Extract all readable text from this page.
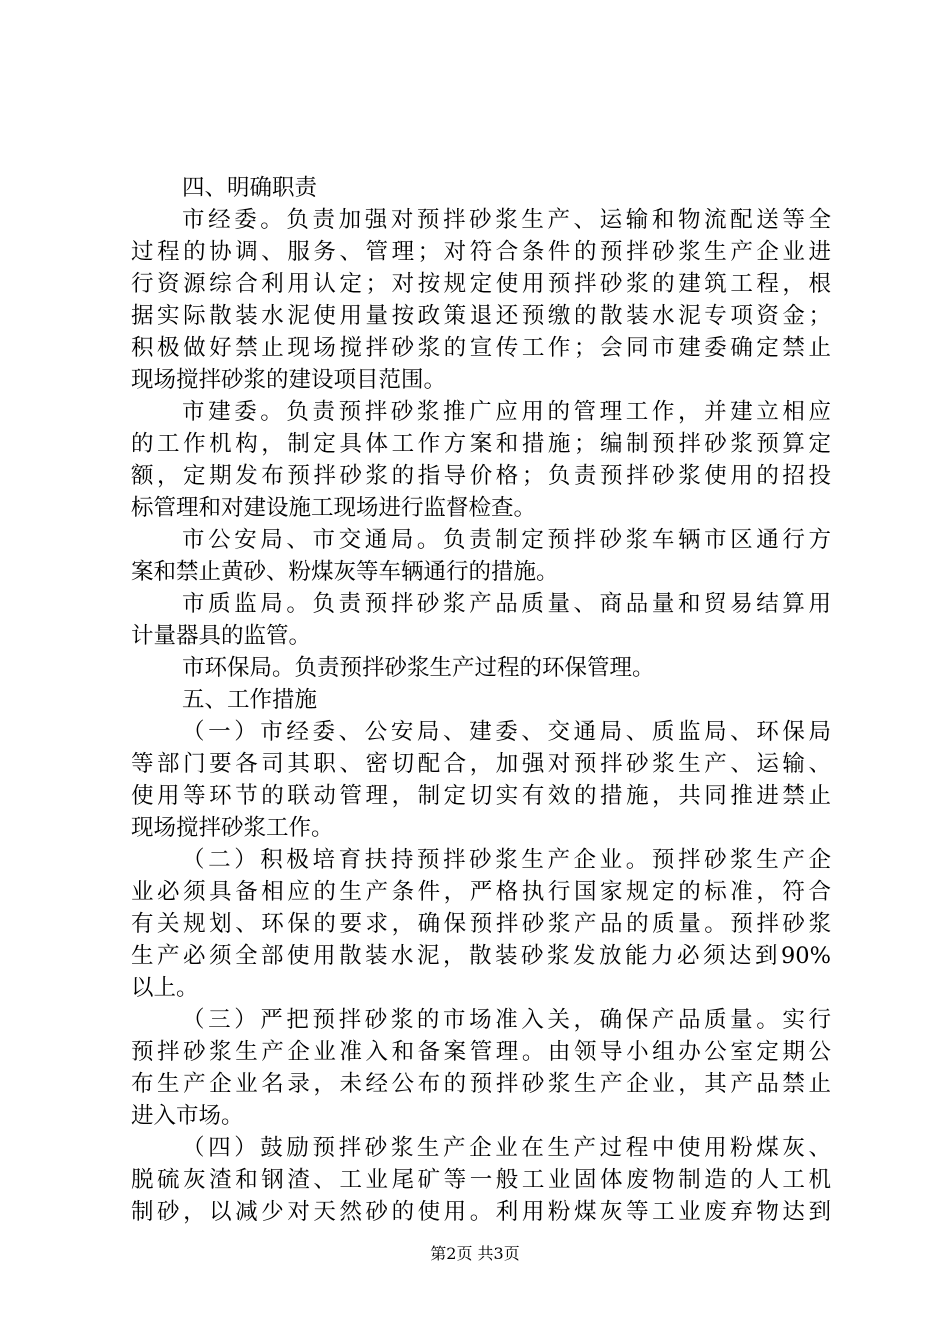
四、明确职责
市经委。负责加强对预拌砂浆生产、运输和物流配送等全
过程的协调、服务、管理；对符合条件的预拌砂浆生产企业进
行资源综合利用认定；对按规定使用预拌砂浆的建筑工程，根
据实际散装水泥使用量按政策退还预缴的散装水泥专项资金；
积极做好禁止现场搅拌砂浆的宣传工作；会同市建委确定禁止
现场搅拌砂浆的建设项目范围。
市建委。负责预拌砂浆推广应用的管理工作，并建立相应
的工作机构，制定具体工作方案和措施；编制预拌砂浆预算定
额，定期发布预拌砂浆的指导价格；负责预拌砂浆使用的招投
标管理和对建设施工现场进行监督检查。
市公安局、市交通局。负责制定预拌砂浆车辆市区通行方
案和禁止黄砂、粉煤灰等车辆通行的措施。
市质监局。负责预拌砂浆产品质量、商品量和贸易结算用
计量器具的监管。
市环保局。负责预拌砂浆生产过程的环保管理。
五、工作措施
（一）市经委、公安局、建委、交通局、质监局、环保局
等部门要各司其职、密切配合，加强对预拌砂浆生产、运输、
使用等环节的联动管理，制定切实有效的措施，共同推进禁止
现场搅拌砂浆工作。
（二）积极培育扶持预拌砂浆生产企业。预拌砂浆生产企
业必须具备相应的生产条件，严格执行国家规定的标准，符合
有关规划、环保的要求，确保预拌砂浆产品的质量。预拌砂浆
生产必须全部使用散装水泥，散装砂浆发放能力必须达到90%
以上。
（三）严把预拌砂浆的市场准入关，确保产品质量。实行
预拌砂浆生产企业准入和备案管理。由领导小组办公室定期公
布生产企业名录，未经公布的预拌砂浆生产企业，其产品禁止
进入市场。
（四）鼓励预拌砂浆生产企业在生产过程中使用粉煤灰、
脱硫灰渣和钢渣、工业尾矿等一般工业固体废物制造的人工机
制砂，以减少对天然砂的使用。利用粉煤灰等工业废弃物达到
第2页 共3页
